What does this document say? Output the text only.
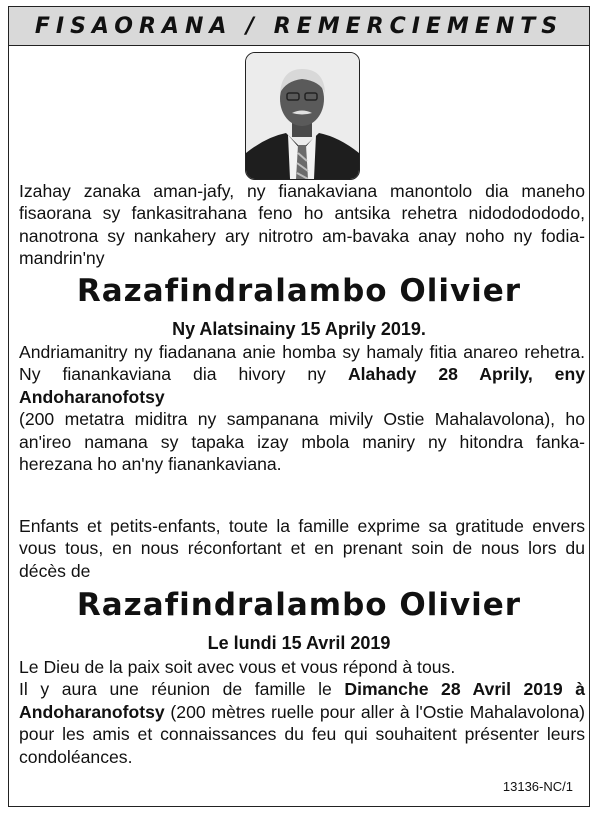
FISAORANA / REMERCIEMENTS
Izahay zanaka aman-jafy, ny fianakaviana manontolo dia maneho
fisaorana sy fankasitrahana feno ho antsika rehetra nidododododo,
nanotrona sy nankahery ary nitrotro am-bavaka anay noho ny fodia-
mandrin'ny
Razafindralambo Olivier
Ny Alatsinainy 15 Aprily 2019.
Andriamanitry ny fiadanana anie homba sy hamaly fitia anareo rehetra.
Ny fianankaviana dia hivory ny Alahady 28 Aprily, eny Andoharanofotsy
(200 metatra miditra ny sampanana mivily Ostie Mahalavolona), ho
an'ireo namana sy tapaka izay mbola maniry ny hitondra fanka-
herezana ho an'ny fianankaviana.
Enfants et petits-enfants, toute la famille exprime sa gratitude envers
vous tous, en nous réconfortant et en prenant soin de nous lors du
décès de
Razafindralambo Olivier
Le lundi 15 Avril 2019
Le Dieu de la paix soit avec vous et vous répond à tous.
Il y aura une réunion de famille le Dimanche 28 Avril 2019 à
Andoharanofotsy (200 mètres ruelle pour aller à l'Ostie Mahalavolona)
pour les amis et connaissances du feu qui souhaitent présenter leurs
condoléances.
13136-NC/1
